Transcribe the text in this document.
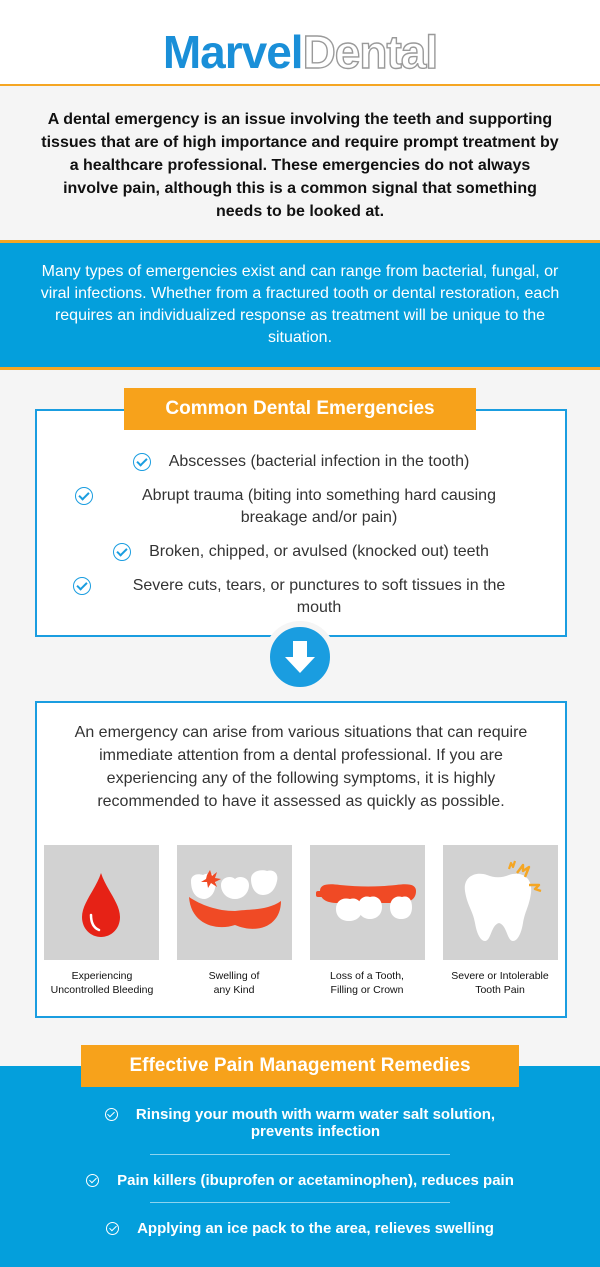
MarvelDental

A dental emergency is an issue involving the teeth and supporting tissues that are of high importance and require prompt treatment by a healthcare professional. These emergencies do not always involve pain, although this is a common signal that something needs to be looked at.

Many types of emergencies exist and can range from bacterial, fungal, or viral infections. Whether from a fractured tooth or dental restoration, each requires an individualized response as treatment will be unique to the situation.

Abscesses (bacterial infection in the tooth)
Abrupt trauma (biting into something hard causing breakage and/or pain)
Broken, chipped, or avulsed (knocked out) teeth
Severe cuts, tears, or punctures to soft tissues in the mouth
Common Dental Emergencies

An emergency can arise from various situations that can require immediate attention from a dental professional. If you are experiencing any of the following symptoms, it is highly recommended to have it assessed as quickly as possible.

Experiencing
Uncontrolled Bleeding
Swelling of
any Kind
Loss of a Tooth,
Filling or Crown
Severe or Intolerable
Tooth Pain
Rinsing your mouth with warm water salt solution,
prevents infection
Pain killers (ibuprofen or acetaminophen), reduces pain
Applying an ice pack to the area, relieves swelling
Effective Pain Management Remedies
